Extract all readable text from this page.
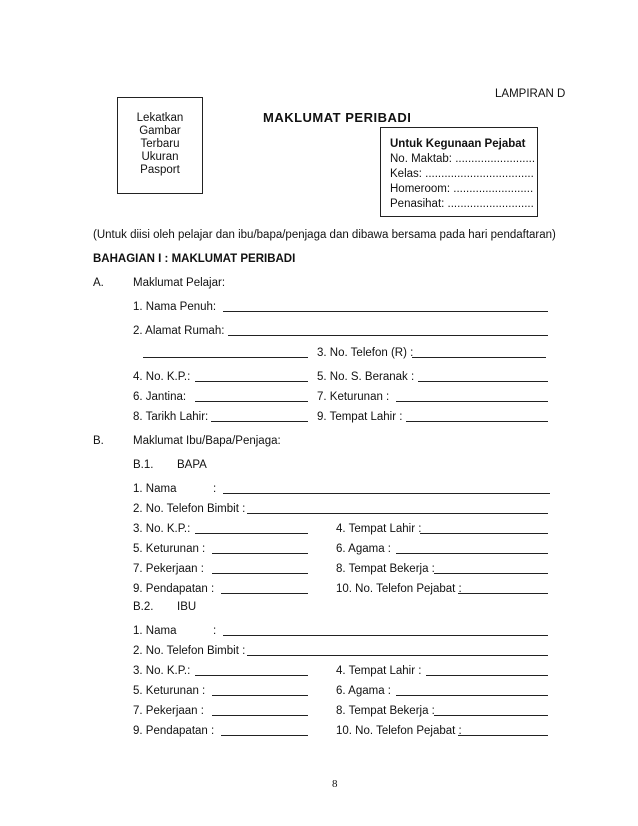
LAMPIRAN D
MAKLUMAT PERIBADI
Lekatkan
Gambar
Terbaru
Ukuran
Pasport
Untuk Kegunaan Pejabat
No. Maktab: .........................
Kelas: ..................................
Homeroom: .........................
Penasihat: ...........................
(Untuk diisi oleh pelajar dan ibu/bapa/penjaga dan dibawa bersama pada hari pendaftaran)
BAHAGIAN I : MAKLUMAT PERIBADI
A.	Maklumat Pelajar:
1. Nama Penuh:
2. Alamat Rumah:
3. No. Telefon (R) :
4. No. K.P.:	5. No. S. Beranak :
6. Jantina:	7. Keturunan :
8. Tarikh Lahir:	9. Tempat Lahir :
B.	Maklumat Ibu/Bapa/Penjaga:
B.1. BAPA
1. Nama	:
2. No. Telefon Bimbit :
3. No. K.P.:	4. Tempat Lahir :
5. Keturunan :	6. Agama :
7. Pekerjaan :	8. Tempat Bekerja :
9. Pendapatan :	10. No. Telefon Pejabat :
B.2. IBU
1. Nama	:
2. No. Telefon Bimbit :
3. No. K.P.:	4. Tempat Lahir :
5. Keturunan :	6. Agama :
7. Pekerjaan :	8. Tempat Bekerja :
9. Pendapatan :	10. No. Telefon Pejabat :
8
